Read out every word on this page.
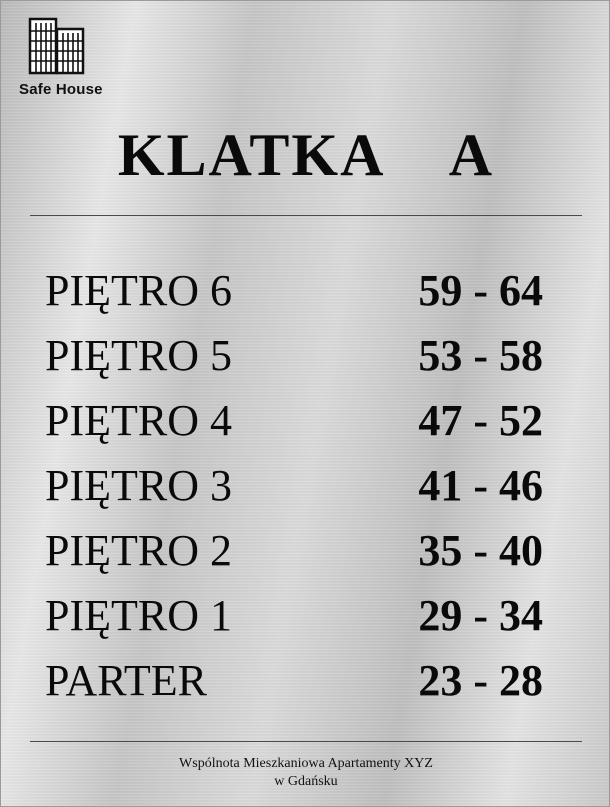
Safe House
KLATKA  A
PIĘTRO 6	59 - 64
PIĘTRO 5	53 - 58
PIĘTRO 4	47 - 52
PIĘTRO 3	41 - 46
PIĘTRO 2	35 - 40
PIĘTRO 1	29 - 34
PARTER	23 - 28
Wspólnota Mieszkaniowa Apartamenty XYZ
w Gdańsku
